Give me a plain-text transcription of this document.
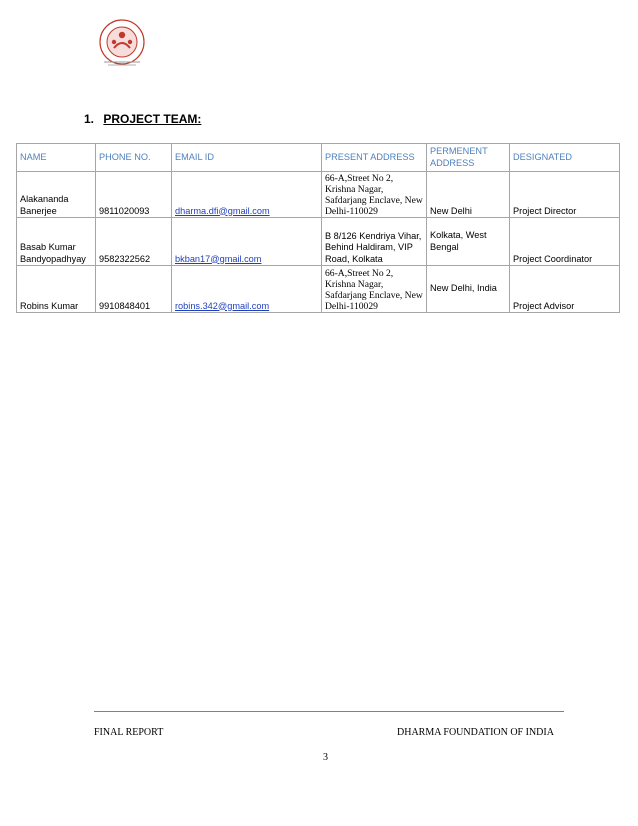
1. PROJECT TEAM:
NAME	PHONE NO.	EMAIL ID	PRESENT ADDRESS	PERMENENT ADDRESS	DESIGNATED
Alakananda Banerjee	9811020093	dharma.dfi@gmail.com	66-A,Street No 2, Krishna Nagar, Safdarjang Enclave, New Delhi-110029	New Delhi	Project Director
Basab Kumar Bandyopadhyay	9582322562	bkban17@gmail.com	B 8/126 Kendriya Vihar, Behind Haldiram, VIP Road, Kolkata	Kolkata, West Bengal	Project Coordinator
Robins Kumar	9910848401	robins.342@gmail.com	66-A,Street No 2, Krishna Nagar, Safdarjang Enclave, New Delhi-110029	New Delhi, India	Project Advisor
FINAL REPORT	DHARMA FOUNDATION OF INDIA
3
